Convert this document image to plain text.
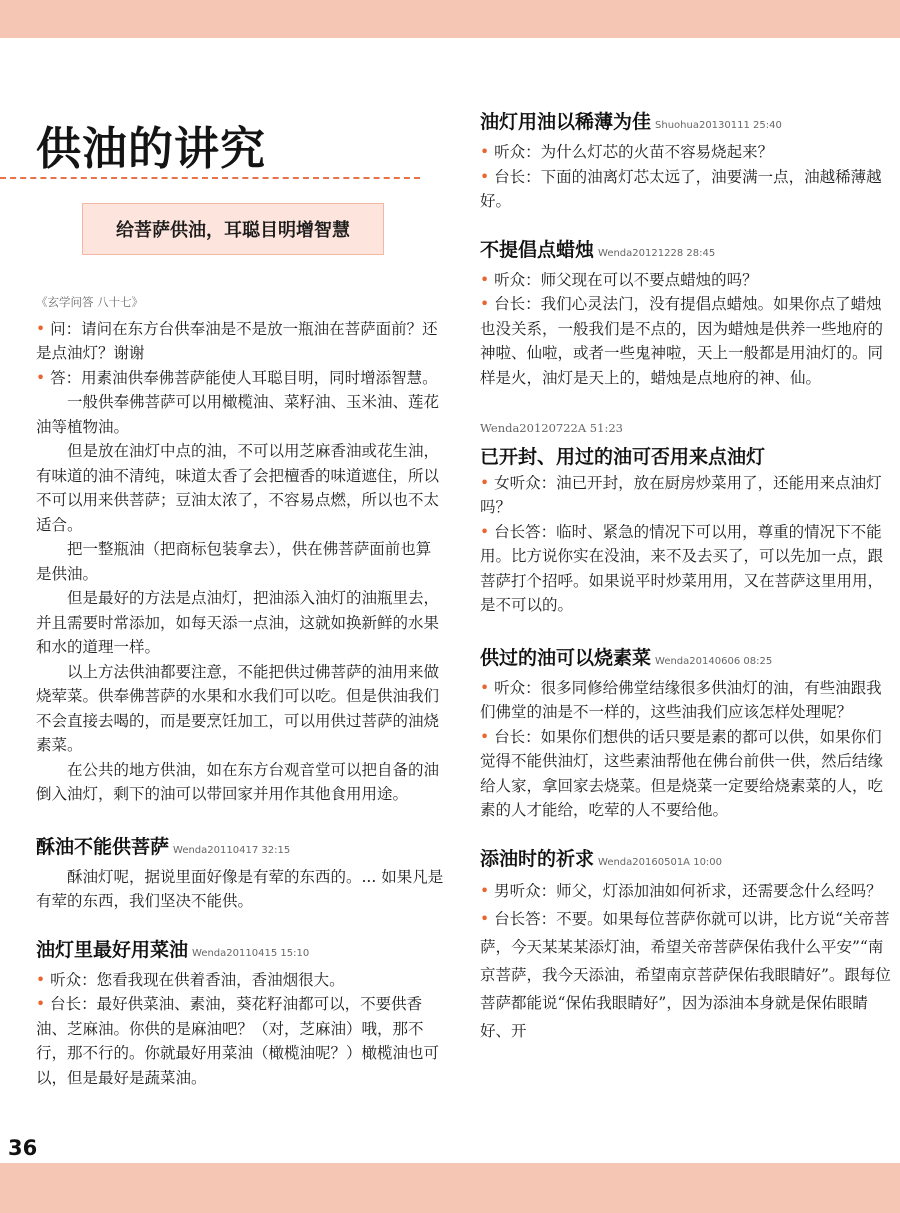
供油的讲究
给菩萨供油，耳聪目明增智慧

《玄学问答 八十七》

• 问：请问在东方台供奉油是不是放一瓶油在菩萨面前？还是点油灯？谢谢

• 答：用素油供奉佛菩萨能使人耳聪目明，同时增添智慧。

一般供奉佛菩萨可以用橄榄油、菜籽油、玉米油、莲花油等植物油。

但是放在油灯中点的油，不可以用芝麻香油或花生油，有味道的油不清纯，味道太香了会把檀香的味道遮住，所以不可以用来供菩萨；豆油太浓了，不容易点燃，所以也不太适合。

把一整瓶油（把商标包装拿去），供在佛菩萨面前也算是供油。

但是最好的方法是点油灯，把油添入油灯的油瓶里去，并且需要时常添加，如每天添一点油，这就如换新鲜的水果和水的道理一样。

以上方法供油都要注意，不能把供过佛菩萨的油用来做烧荤菜。供奉佛菩萨的水果和水我们可以吃。但是供油我们不会直接去喝的，而是要烹饪加工，可以用供过菩萨的油烧素菜。

在公共的地方供油，如在东方台观音堂可以把自备的油倒入油灯，剩下的油可以带回家并用作其他食用用途。

酥油不能供菩萨 Wenda20110417 32:15

酥油灯呢，据说里面好像是有荤的东西的。... 如果凡是有荤的东西，我们坚决不能供。

油灯里最好用菜油 Wenda20110415 15:10

• 听众：您看我现在供着香油，香油烟很大。

• 台长：最好供菜油、素油，葵花籽油都可以，不要供香油、芝麻油。你供的是麻油吧？（对，芝麻油）哦，那不行，那不行的。你就最好用菜油（橄榄油呢？）橄榄油也可以，但是最好是蔬菜油。

油灯用油以稀薄为佳 Shuohua20130111 25:40

• 听众：为什么灯芯的火苗不容易烧起来？

• 台长：下面的油离灯芯太远了，油要满一点，油越稀薄越好。

不提倡点蜡烛 Wenda20121228 28:45

• 听众：师父现在可以不要点蜡烛的吗？

• 台长：我们心灵法门，没有提倡点蜡烛。如果你点了蜡烛也没关系，一般我们是不点的，因为蜡烛是供养一些地府的神啦、仙啦，或者一些鬼神啦，天上一般都是用油灯的。同样是火，油灯是天上的，蜡烛是点地府的神、仙。

Wenda20120722A 51:23

已开封、用过的油可否用来点油灯

• 女听众：油已开封，放在厨房炒菜用了，还能用来点油灯吗？

• 台长答：临时、紧急的情况下可以用，尊重的情况下不能用。比方说你实在没油，来不及去买了，可以先加一点，跟菩萨打个招呼。如果说平时炒菜用用，又在菩萨这里用用，是不可以的。

供过的油可以烧素菜 Wenda20140606 08:25

• 听众：很多同修给佛堂结缘很多供油灯的油，有些油跟我们佛堂的油是不一样的，这些油我们应该怎样处理呢？

• 台长：如果你们想供的话只要是素的都可以供，如果你们觉得不能供油灯，这些素油帮他在佛台前供一供，然后结缘给人家，拿回家去烧菜。但是烧菜一定要给烧素菜的人，吃素的人才能给，吃荤的人不要给他。

添油时的祈求 Wenda20160501A 10:00

• 男听众：师父，灯添加油如何祈求，还需要念什么经吗？

• 台长答：不要。如果每位菩萨你就可以讲，比方说“关帝菩萨，今天某某某添灯油，希望关帝菩萨保佑我什么平安”“南京菩萨，我今天添油，希望南京菩萨保佑我眼睛好”。跟每位菩萨都能说“保佑我眼睛好”，因为添油本身就是保佑眼睛好、开

36
